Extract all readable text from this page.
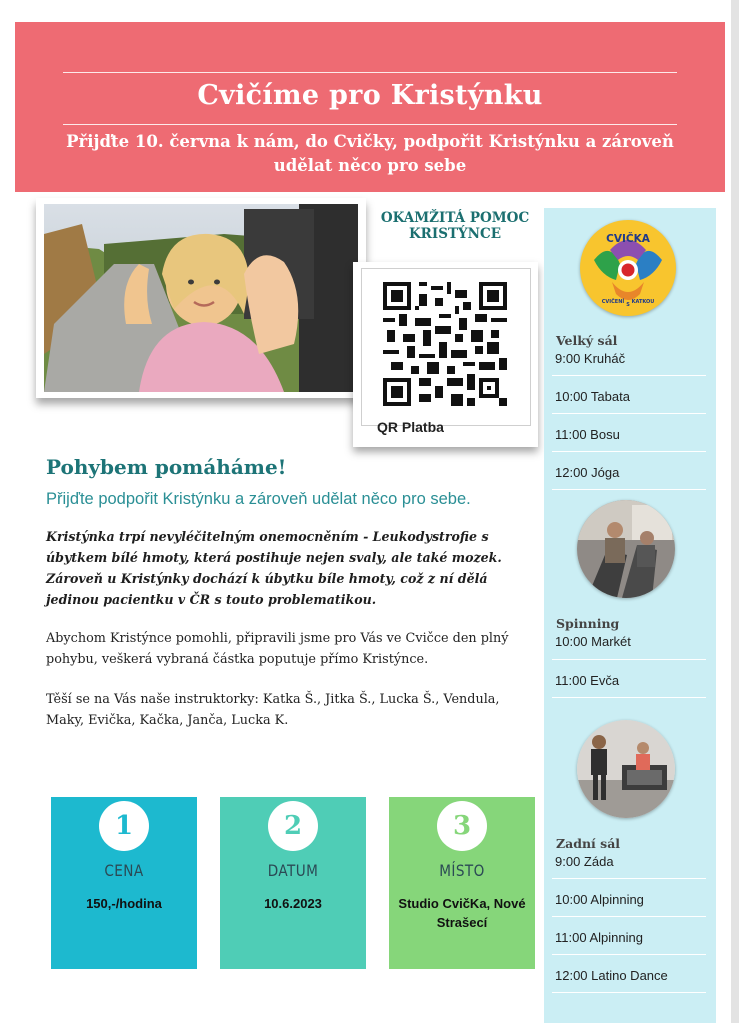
Cvičíme pro Kristýnku
Přijďte 10. června k nám, do Cvičky, podpořit Kristýnku a zároveň udělat něco pro sebe
OKAMŽITÁ POMOC KRISTÝNCE
QR Platba
Pohybem pomáháme!
Přijďte podpořit Kristýnku a zároveň udělat něco pro sebe.
Kristýnka trpí nevyléčitelným onemocněním - Leukodystrofie s úbytkem bílé hmoty, která postihuje nejen svaly, ale také mozek. Zároveň u Kristýnky dochází k úbytku bíle hmoty, což z ní dělá jedinou pacientku v ČR s touto problematikou.
Abychom Kristýnce pomohli, připravili jsme pro Vás ve Cvičce den plný pohybu, veškerá vybraná částka poputuje přímo Kristýnce.
Těší se na Vás naše instruktorky: Katka Š., Jitka Š., Lucka Š., Vendula, Maky, Evička, Kačka, Janča, Lucka K.
1
CENA
150,-/hodina
2
DATUM
10.6.2023
3
MÍSTO
Studio CvičKa, Nové Strašecí
CVIČKA
CVIČENÍ S KATKOU
Velký sál
9:00 Kruháč
10:00 Tabata
11:00 Bosu
12:00 Jóga
Spinning
10:00 Markét
11:00 Evča
Zadní sál
9:00 Záda
10:00 Alpinning
11:00 Alpinning
12:00 Latino Dance
